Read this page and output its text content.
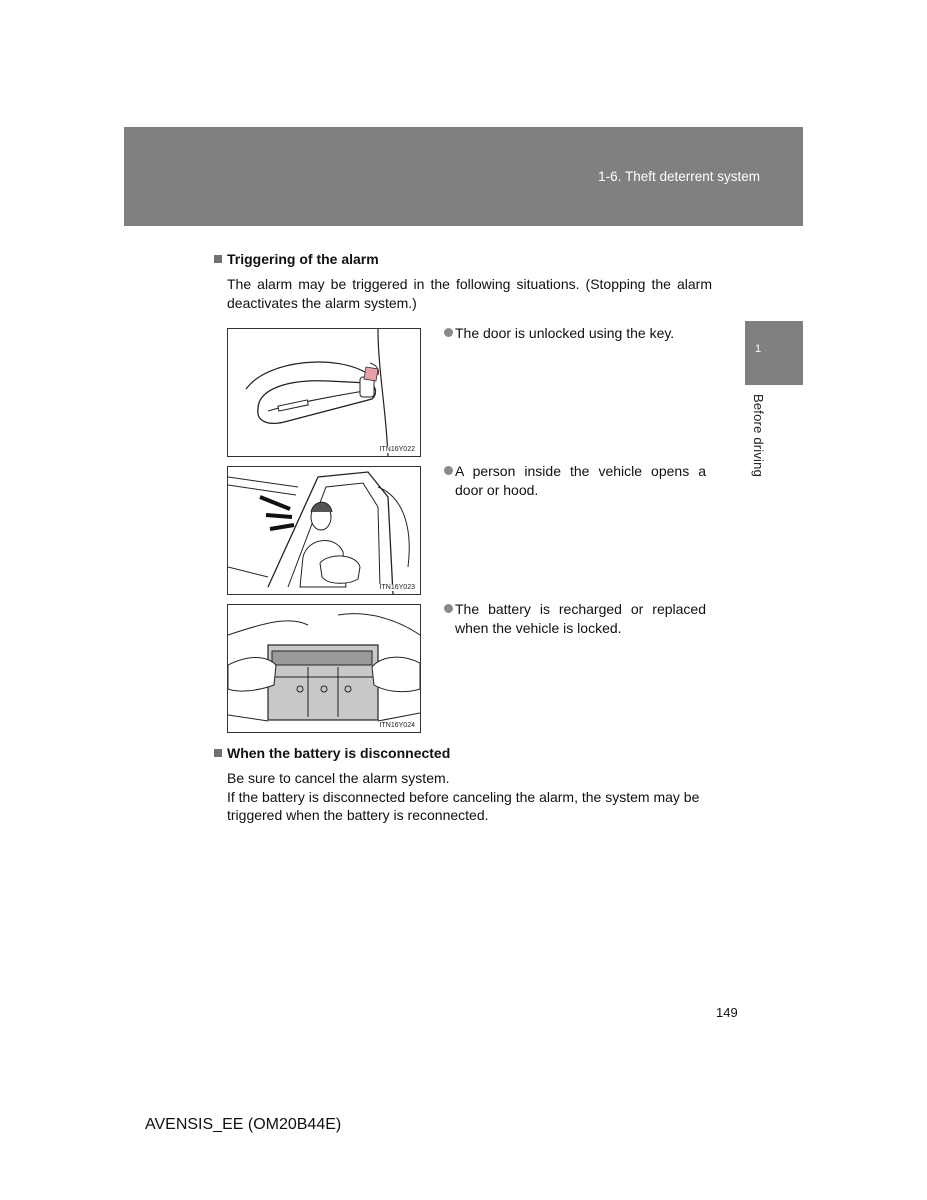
1-6. Theft deterrent system
1
Before driving
Triggering of the alarm
The alarm may be triggered in the following situations. (Stopping the alarm deactivates the alarm system.)
ITN16Y022
The door is unlocked using the key.
ITN16Y023
A person inside the vehicle opens a door or hood.
ITN16Y024
The battery is recharged or replaced when the vehicle is locked.
When the battery is disconnected
Be sure to cancel the alarm system.
If the battery is disconnected before canceling the alarm, the system may be triggered when the battery is reconnected.
149
AVENSIS_EE (OM20B44E)
